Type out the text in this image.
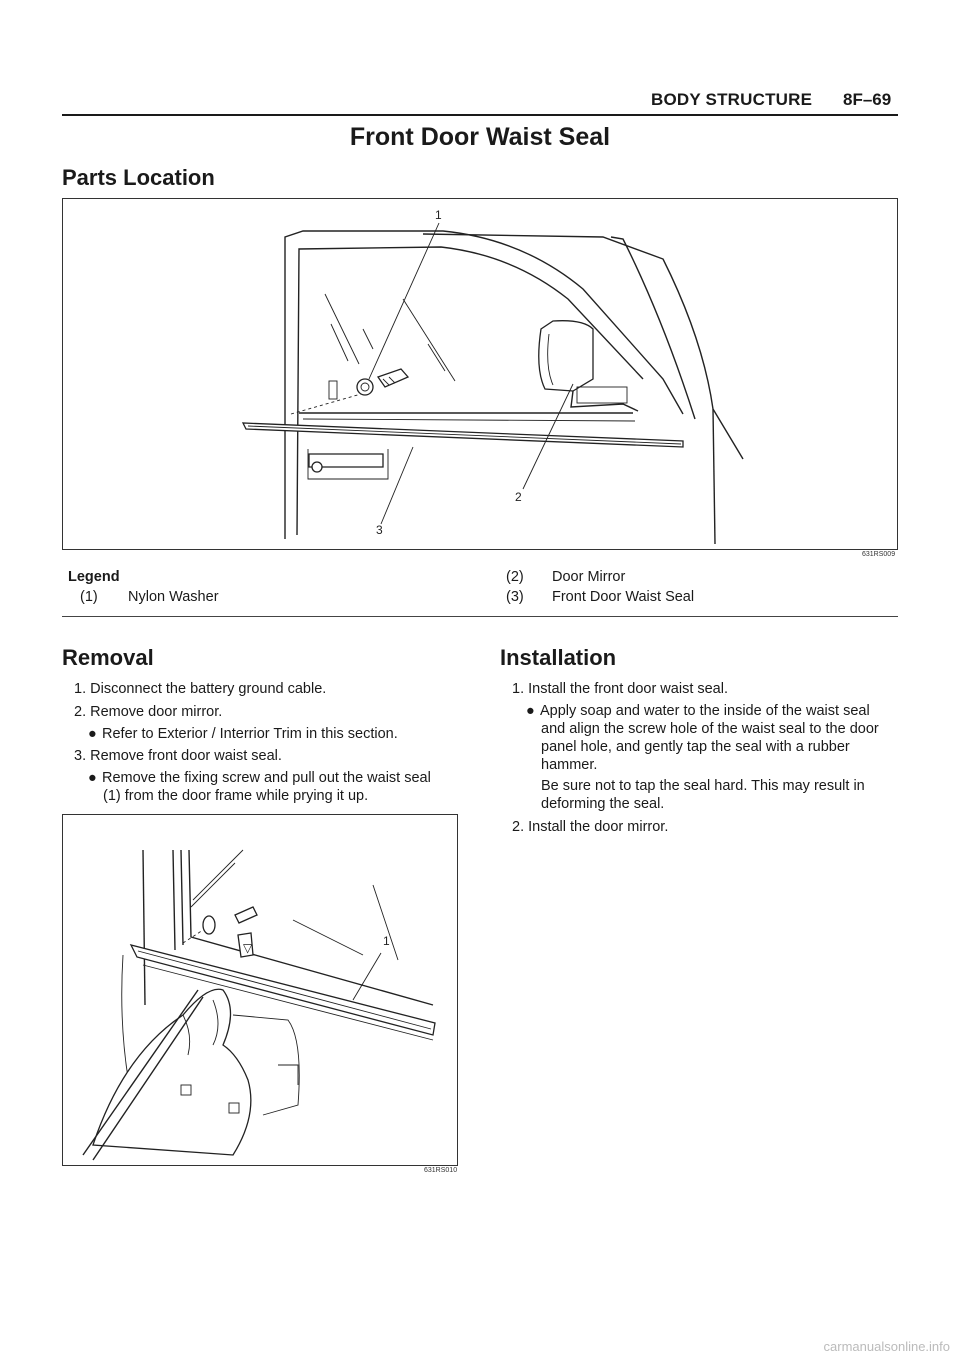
BODY STRUCTURE 8F–69
Front Door Waist Seal
Parts Location
1
2
3
631RS009
Legend
(1) Nylon Washer
(2) Door Mirror
(3) Front Door Waist Seal
Removal
1. Disconnect the battery ground cable.
2. Remove door mirror.
● Refer to Exterior / Interrior Trim in this section.
3. Remove front door waist seal.
● Remove the fixing screw and pull out the waist seal
(1) from the door frame while prying it up.
▽	1
631RS010
Installation
1. Install the front door waist seal.
● Apply soap and water to the inside of the waist seal
and align the screw hole of the waist seal to the door
panel hole, and gently tap the seal with a rubber
hammer.
Be sure not to tap the seal hard. This may result in
deforming the seal.
2. Install the door mirror.
carmanualsonline.info
